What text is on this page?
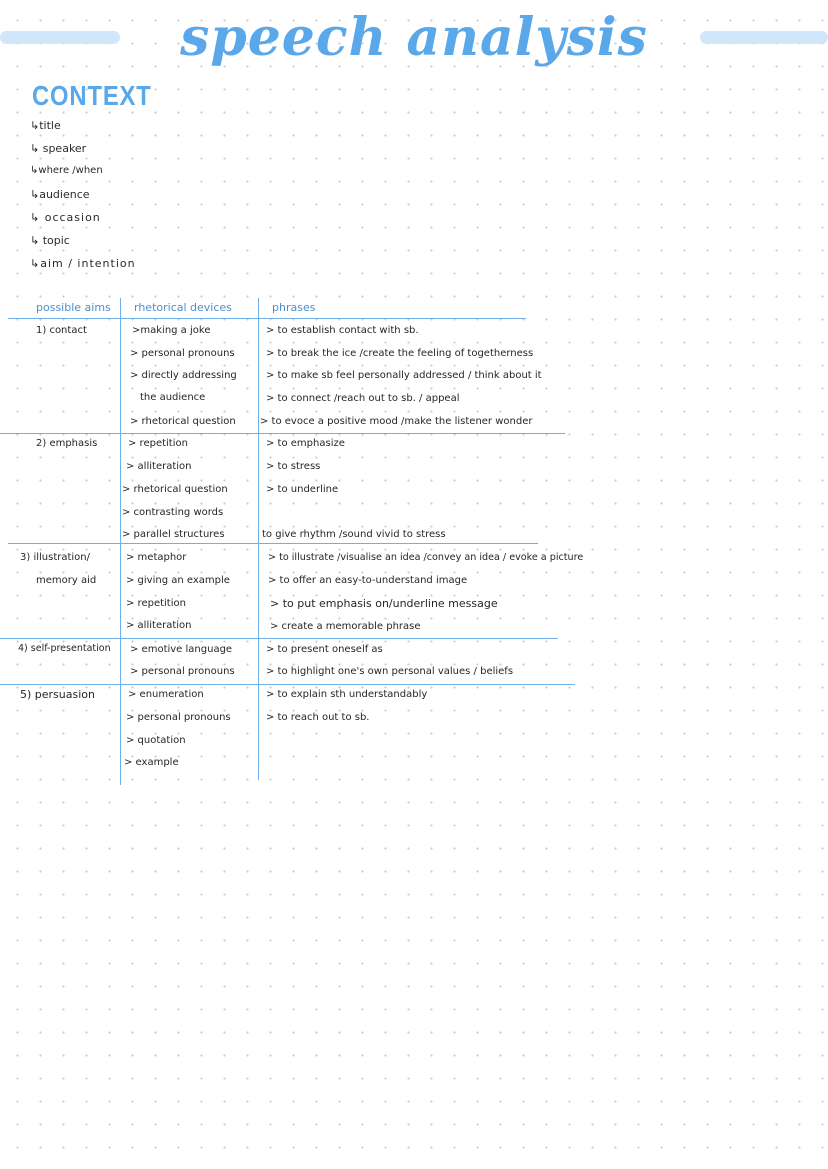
speech analysis
CONTEXT
↳title
↳ speaker
↳where /when
↳audience
↳ occasion
↳ topic
↳aim / intention
possible aims rhetorical devices	phrases
1) contact
2) emphasis
3) illustration/
memory aid
4) self-presentation
5) persuasion
>making a joke
> personal pronouns
> directly addressing
the audience
> rhetorical question
> repetition
> alliteration
> rhetorical question
> contrasting words
> parallel structures
> metaphor
> giving an example
> repetition
> alliteration
> emotive language
> personal pronouns
> enumeration
> personal pronouns
> quotation
> example
> to establish contact with sb.
> to break the ice /create the feeling of togetherness
> to make sb feel personally addressed / think about it
> to connect /reach out to sb. / appeal
> to evoce a positive mood /make the listener wonder
> to emphasize
> to stress
> to underline
to give rhythm /sound vivid to stress
> to illustrate /visualise an idea /convey an idea / evoke a picture
> to offer an easy-to-understand image
> to put emphasis on/underline message
> create a memorable phrase
> to present oneself as
> to highlight one's own personal values / beliefs
> to explain sth understandably
> to reach out to sb.
